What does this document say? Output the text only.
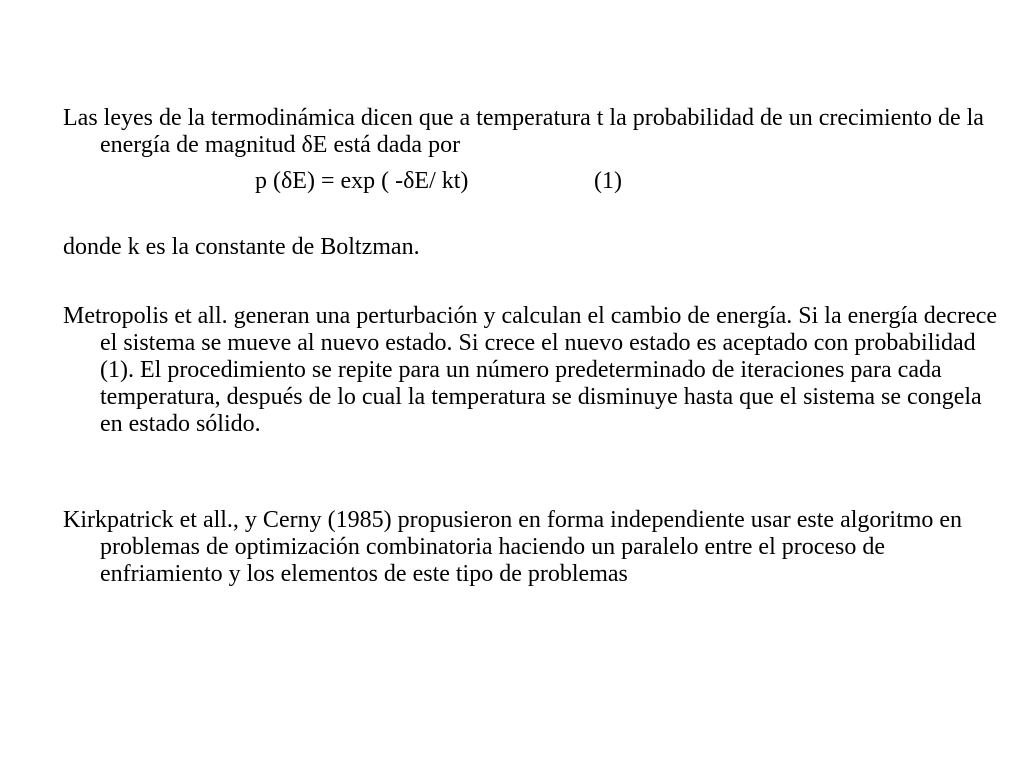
Las leyes de la termodinámica dicen que a temperatura t la probabilidad de un crecimiento de la energía de magnitud δE está dada por

p (δE) = exp ( -δE/ kt)	(1)

donde k es la constante de Boltzman.

Metropolis et all. generan una perturbación y calculan el cambio de energía. Si la energía decrece el sistema se mueve al nuevo estado. Si crece el nuevo estado es aceptado con probabilidad (1). El procedimiento se repite para un número predeterminado de iteraciones para cada temperatura, después de lo cual la temperatura se disminuye hasta que el sistema se congela en estado sólido.

Kirkpatrick et all., y Cerny (1985) propusieron en forma independiente usar este algoritmo en problemas de optimización combinatoria haciendo un paralelo entre el proceso de enfriamiento y los elementos de este tipo de problemas
